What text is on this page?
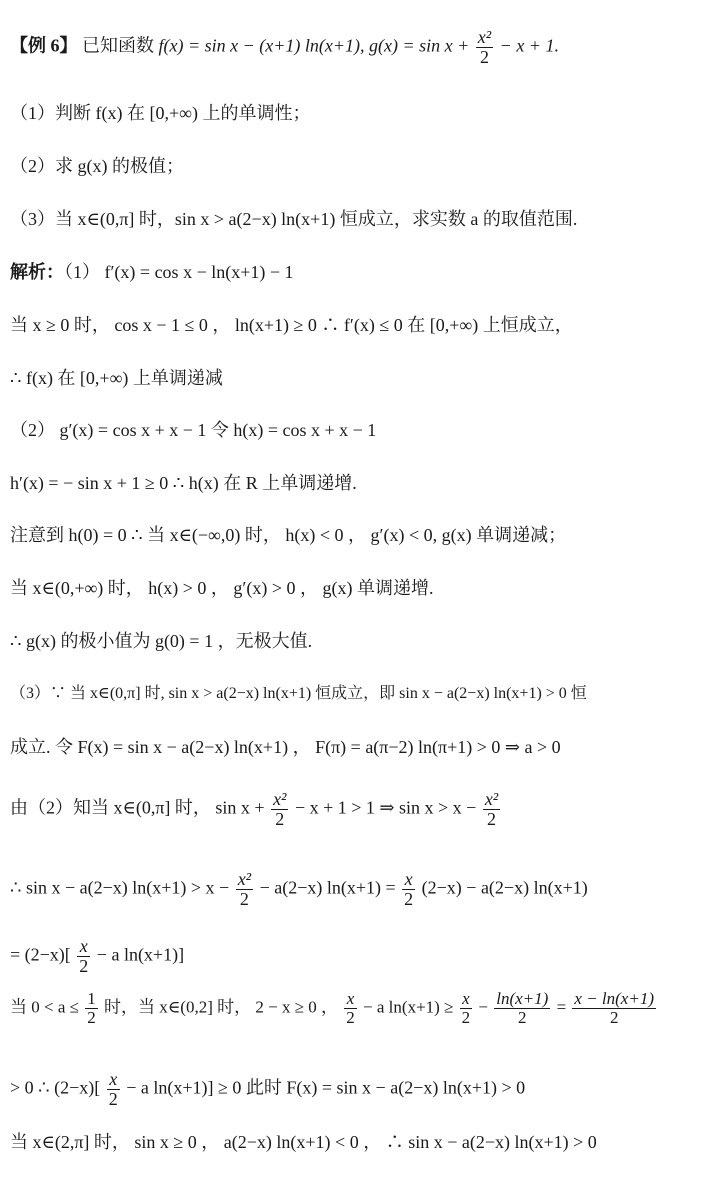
【例 6】 已知函数 f(x) = sin x − (x+1) ln(x+1), $g(x) = \sin x + \frac{\text{x²}}{2} - x + 1$.
（1）判断 f(x) 在 [0,+∞) 上的单调性；
（2）求 g(x) 的极值；
（3）当 x∈(0,π] 时，sin x > a(2−x) ln(x+1) 恒成立，求实数 a 的取值范围.
解析：（1） f′(x) = cos x − ln(x+1) − 1
当 x ≥ 0 时， cos x − 1 ≤ 0 ， ln(x+1) ≥ 0 ∴ f′(x) ≤ 0 在 [0,+∞) 上恒成立，
∴ f(x) 在 [0,+∞) 上单调递减
（2） g′(x) = cos x + x − 1 令 h(x) = cos x + x − 1
h′(x) = − sin x + 1 ≥ 0 ∴ h(x) 在 R 上单调递增.
注意到 h(0) = 0 ∴ 当 x∈(−∞,0) 时， h(x) < 0 ， g′(x) < 0, g(x) 单调递减；
当 x∈(0,+∞) 时， h(x) > 0 ， g′(x) > 0 ， g(x) 单调递增.
∴ g(x) 的极小值为 g(0) = 1 ，无极大值.
（3）∵ 当 x∈(0,π] 时, sin x > a(2−x) ln(x+1) 恒成立，即 sin x − a(2−x) ln(x+1) > 0 恒
成立. 令 F(x) = sin x − a(2−x) ln(x+1) ， F(π) = a(π−2) ln(π+1) > 0 ⇒ a > 0
由（2）知当 x∈(0,π] 时， $\sin x + \frac{\text{x²}}{2} - x + 1 > 1$ ⇒ $\sin x > x - \frac{\text{x²}}{2}$
∴ sin x − a(2−x) $\ln(x+1) > x - \frac{\text{x²}}{2} - a(2-x) \ln(x+1) = \frac{x}{2} (2-x) - a(2-x)$ ln(x+1)
= $(2-x)[ \frac{x}{2} - a$ ln(x+1)]
当 $0 < a \le \frac{1}{2}$ 时，当 x∈(0,2] 时， 2 − x ≥ 0 ， $\frac{x}{2} - a$ $\ln(x+1) \ge \frac{x}{2} - \frac{\ln(x+1)}{2} = \frac{x - \ln(x+1)}{2}$
> 0 ∴ $(2-x)[ \frac{x}{2} - a$ ln(x+1)] ≥ 0 此时 F(x) = sin x − a(2−x) ln(x+1) > 0
当 x∈(2,π] 时， sin x ≥ 0 ， a(2−x) ln(x+1) < 0 ， ∴ sin x − a(2−x) ln(x+1) > 0
